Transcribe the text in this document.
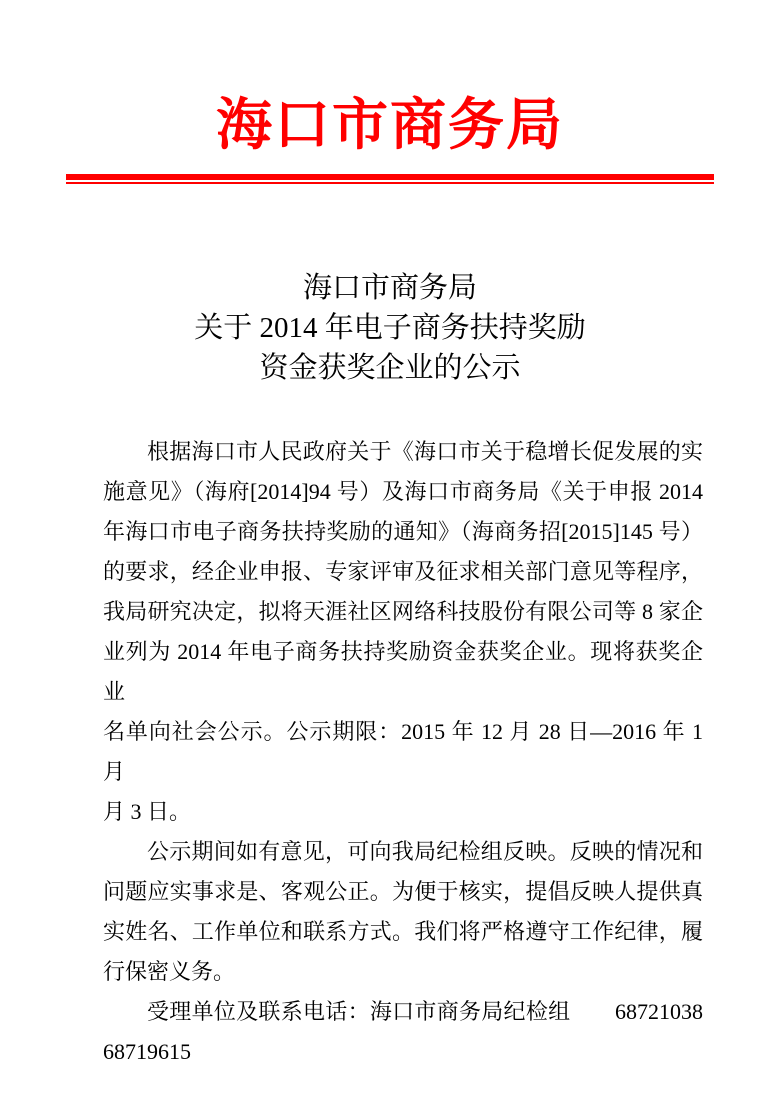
海口市商务局
海口市商务局
关于 2014 年电子商务扶持奖励
资金获奖企业的公示
根据海口市人民政府关于《海口市关于稳增长促发展的实
施意见》（海府[2014]94 号）及海口市商务局《关于申报 2014
年海口市电子商务扶持奖励的通知》（海商务招[2015]145 号）
的要求，经企业申报、专家评审及征求相关部门意见等程序，
我局研究决定，拟将天涯社区网络科技股份有限公司等 8 家企
业列为 2014 年电子商务扶持奖励资金获奖企业。现将获奖企业
名单向社会公示。公示期限：2015 年 12 月 28 日—2016 年 1 月
月 3 日。
公示期间如有意见，可向我局纪检组反映。反映的情况和
问题应实事求是、客观公正。为便于核实，提倡反映人提供真
实姓名、工作单位和联系方式。我们将严格遵守工作纪律，履
行保密义务。
受理单位及联系电话：海口市商务局纪检组　　68721038
68719615
